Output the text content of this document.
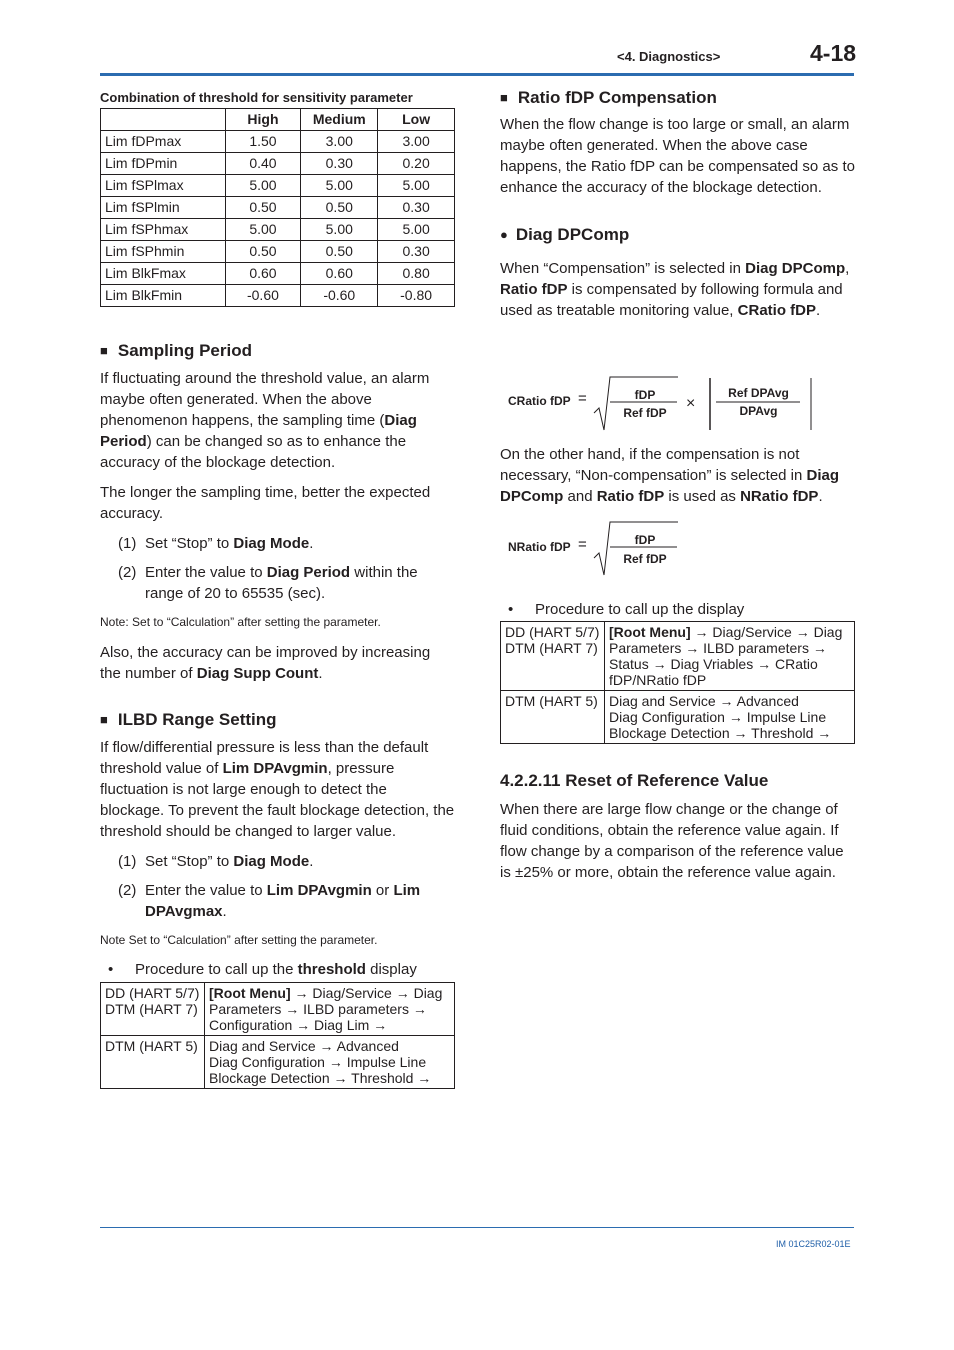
<4. Diagnostics>	4-18
Combination of threshold for sensitivity parameter
	High	Medium	Low
Lim fDPmax	1.50	3.00	3.00
Lim fDPmin	0.40	0.30	0.20
Lim fSPlmax	5.00	5.00	5.00
Lim fSPlmin	0.50	0.50	0.30
Lim fSPhmax	5.00	5.00	5.00
Lim fSPhmin	0.50	0.50	0.30
Lim BlkFmax	0.60	0.60	0.80
Lim BlkFmin	-0.60	-0.60	-0.80
■ Sampling Period

If fluctuating around the threshold value, an alarm maybe often generated. When the above phenomenon happens, the sampling time (Diag Period) can be changed so as to enhance the accuracy of the blockage detection.

The longer the sampling time, better the expected accuracy.

(1) Set “Stop” to Diag Mode.
(2) Enter the value to Diag Period within the range of 20 to 65535 (sec).
Note: Set to “Calculation” after setting the parameter.

Also, the accuracy can be improved by increasing the number of Diag Supp Count.

■ ILBD Range Setting

If flow/differential pressure is less than the default threshold value of Lim DPAvgmin, pressure fluctuation is not large enough to detect the blockage. To prevent the fault blockage detection, the threshold should be changed to larger value.

(1) Set “Stop” to Diag Mode.
(2) Enter the value to Lim DPAvgmin or Lim DPAvgmax.
Note Set to “Calculation” after setting the parameter.
•	Procedure to call up the threshold display
DD (HART 5/7)
DTM (HART 7)	[Root Menu] → Diag/Service → Diag Parameters → ILBD parameters → Configuration → Diag Lim →
DTM (HART 5)	Diag and Service → Advanced
Diag Configuration → Impulse Line
Blockage Detection → Threshold →
■ Ratio fDP Compensation

When the flow change is too large or small, an alarm maybe often generated. When the above case happens, the Ratio fDP can be compensated so as to enhance the accuracy of the blockage detection.

● Diag DPComp

When “Compensation” is selected in Diag DPComp, Ratio fDP is compensated by following formula and used as treatable monitoring value, CRatio fDP.

CRatio fDP =	fDP
Ref fDP
×
Ref DPAvg
DPAvg

On the other hand, if the compensation is not necessary, “Non-compensation” is selected in Diag DPComp and Ratio fDP is used as NRatio fDP.

NRatio fDP =	fDP
Ref fDP
•	Procedure to call up the display
DD (HART 5/7)
DTM (HART 7)	[Root Menu] → Diag/Service → Diag Parameters → ILBD parameters → Status → Diag Vriables → CRatio fDP/NRatio fDP
DTM (HART 5)	Diag and Service → Advanced
Diag Configuration → Impulse Line
Blockage Detection → Threshold →
4.2.2.11 Reset of Reference Value

When there are large flow change or the change of fluid conditions, obtain the reference value again. If flow change by a comparison of the reference value is ±25% or more, obtain the reference value again.

IM 01C25R02-01E
